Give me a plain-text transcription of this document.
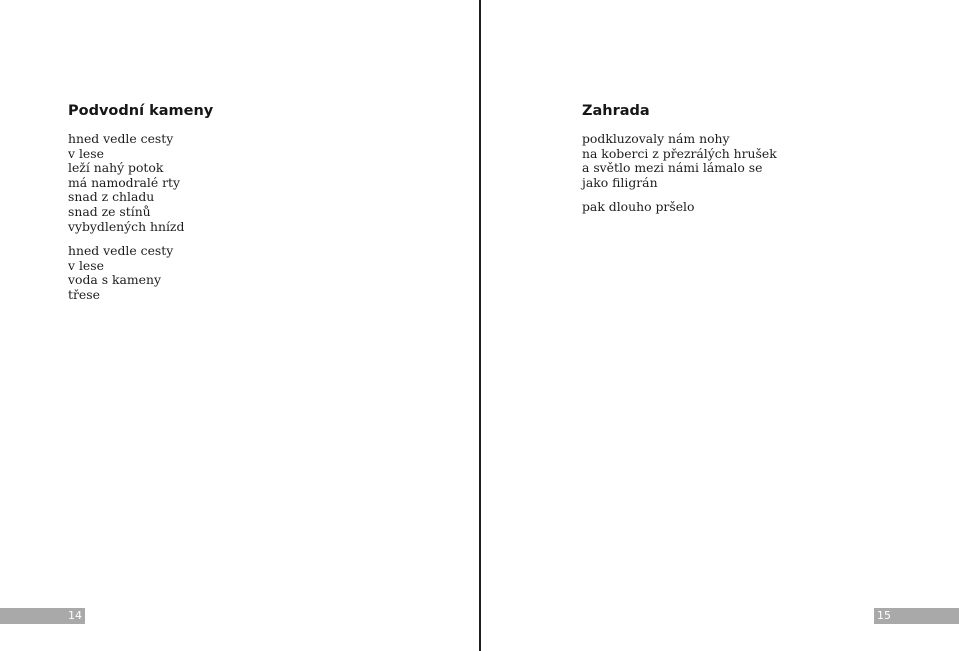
Podvodní kameny
hned vedle cesty
v lese
leží nahý potok
má namodralé rty
snad z chladu
snad ze stínů
vybydlených hnízd
hned vedle cesty
v lese
voda s kameny
třese
14
Zahrada
podkluzovaly nám nohy
na koberci z přezrálých hrušek
a světlo mezi námi lámalo se
jako filigrán
pak dlouho pršelo
15
